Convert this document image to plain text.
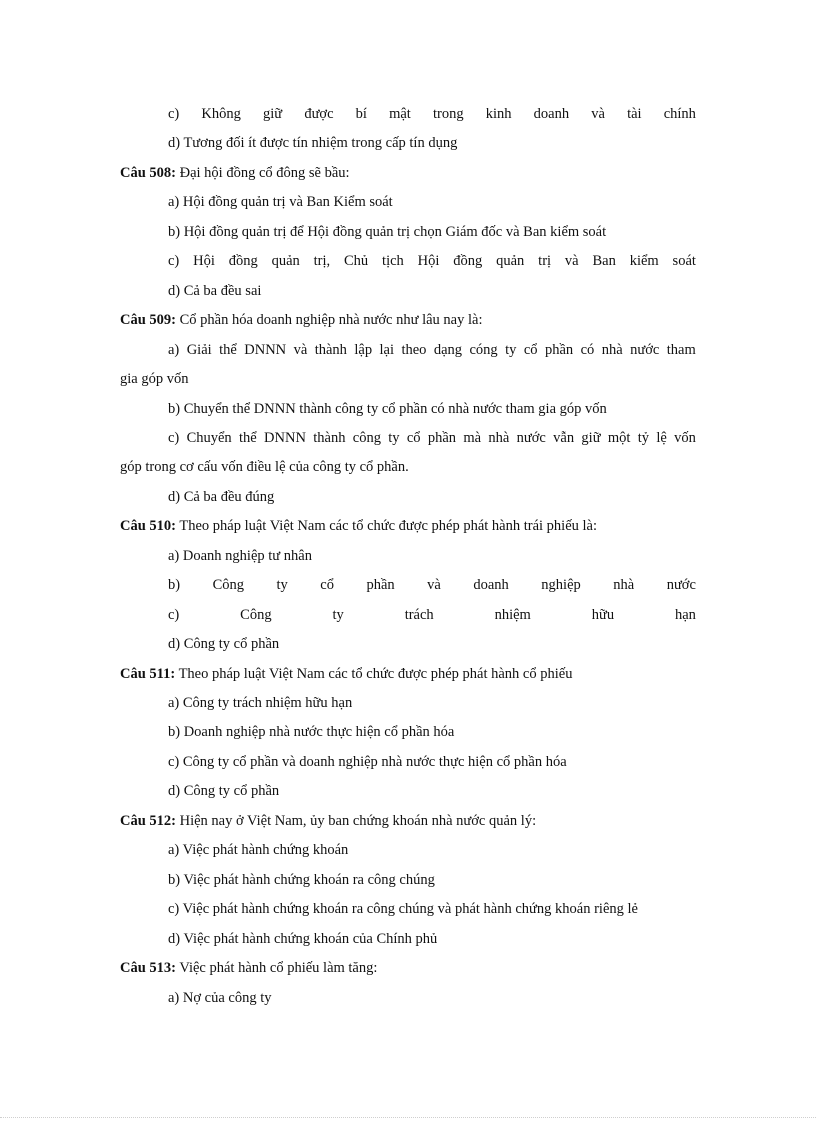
c) Không giữ được bí mật trong kinh doanh và tài chính
d) Tương đối ít được tín nhiệm trong cấp tín dụng
Câu 508: Đại hội đồng cổ đông sẽ bầu:
a) Hội đồng quản trị và Ban Kiểm soát
b) Hội đồng quản trị để Hội đồng quản trị chọn Giám đốc và Ban kiểm soát
c) Hội đồng quản trị, Chủ tịch Hội đồng quản trị và Ban kiểm soát
d) Cả ba đều sai
Câu 509: Cổ phần hóa doanh nghiệp nhà nước như lâu nay là:
a) Giải thể DNNN và thành lập lại theo dạng cóng ty cổ phần có nhà nước tham
gia góp vốn
b) Chuyển thể DNNN thành công ty cổ phần có nhà nước tham gia góp vốn
c) Chuyển thể DNNN thành công ty cổ phần mà nhà nước vẫn giữ một tỷ lệ vốn
góp trong cơ cấu vốn điều lệ của công ty cổ phần.
d) Cả ba đều đúng
Câu 510: Theo pháp luật Việt Nam các tổ chức được phép phát hành trái phiếu là:
a) Doanh nghiệp tư nhân
b) Công ty cổ phần và doanh nghiệp nhà nước
c)	Công	ty	trách	nhiệm	hữu	hạn
d) Công ty cổ phần
Câu 511: Theo pháp luật Việt Nam các tổ chức được phép phát hành cổ phiếu
a) Công ty trách nhiệm hữu hạn
b) Doanh nghiệp nhà nước thực hiện cổ phần hóa
c) Công ty cổ phần và doanh nghiệp nhà nước thực hiện cổ phần hóa
d) Công ty cổ phần
Câu 512: Hiện nay ở Việt Nam, ủy ban chứng khoán nhà nước quản lý:
a) Việc phát hành chứng khoán
b) Việc phát hành chứng khoán ra công chúng
c) Việc phát hành chứng khoán ra công chúng và phát hành chứng khoán riêng lẻ
d) Việc phát hành chứng khoán của Chính phủ
Câu 513: Việc phát hành cổ phiếu làm tăng:
a) Nợ của công ty
